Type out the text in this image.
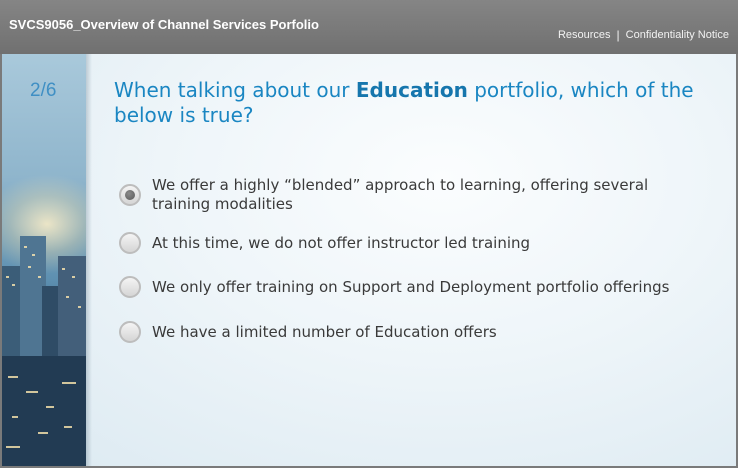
SVCS9056_Overview of Channel Services Porfolio
Resources | Confidentiality Notice
2/6	When talking about our Education portfolio, which of the below is true?
We offer a highly “blended” approach to learning, offering several training modalities
At this time, we do not offer instructor led training
We only offer training on Support and Deployment portfolio offerings
We have a limited number of Education offers
